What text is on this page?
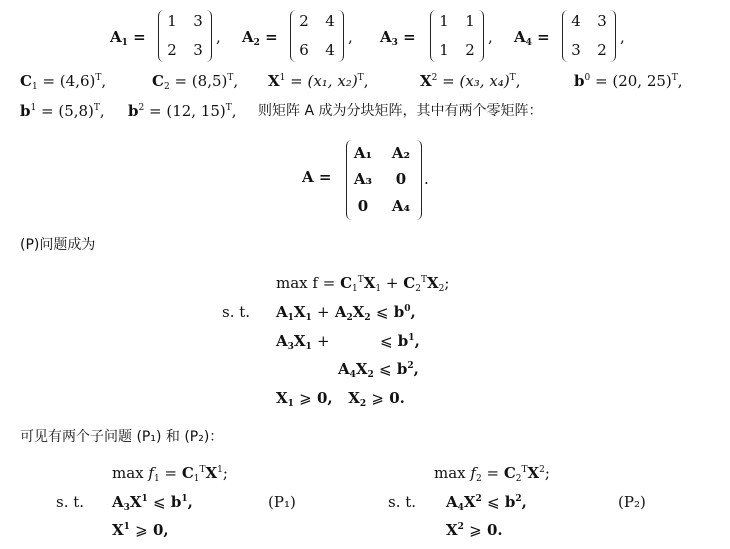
$A_1$ =
1	3
2	3
, $A_2$ =
2	4
6	4
, $A_3$ =
1	1
1	2
, $A_4$ =
4	3
3	2
,
$C_1 = (4,6)^T$,	$C_2 = (8,5)^T$, $X^1 = (x_1$, x₂)$^T$,	$X^2 = (x_3$, x₄)$^T$,	$b^0 = (20$, 25)$^T$,
$b^1 = (5,8)^T$, $b^2 = (12$, 15)$^T$, 则矩阵 A 成为分块矩阵，其中有两个零矩阵：
A =
A₁	A₂
A₃	0
0	A₄
.
(P)问题成为
$\max f = C_1^TX_1 + C_2^TX_2$;
s. t. $A_1X_1 + A_2X_2$ ⩽ $b^0$,
$A_3X_1$ +	⩽ $b^1$,
$A_4X_2$ ⩽ $b^2$,
$X_1$ ⩾ 0,   $X_2$ ⩾ 0.
可见有两个子问题 (P₁) 和 (P₂)：
$\max f_1 = C_1^TX^1$;
s. t. $A_3X^1$ ⩽ $b^1$,	(P₁)
$X^1$ ⩾ 0,
$\max f_2 = C_2^TX^2$;
s. t. $A_4X^2$ ⩽ $b^2$,	(P₂)
$X^2$ ⩾ 0.
